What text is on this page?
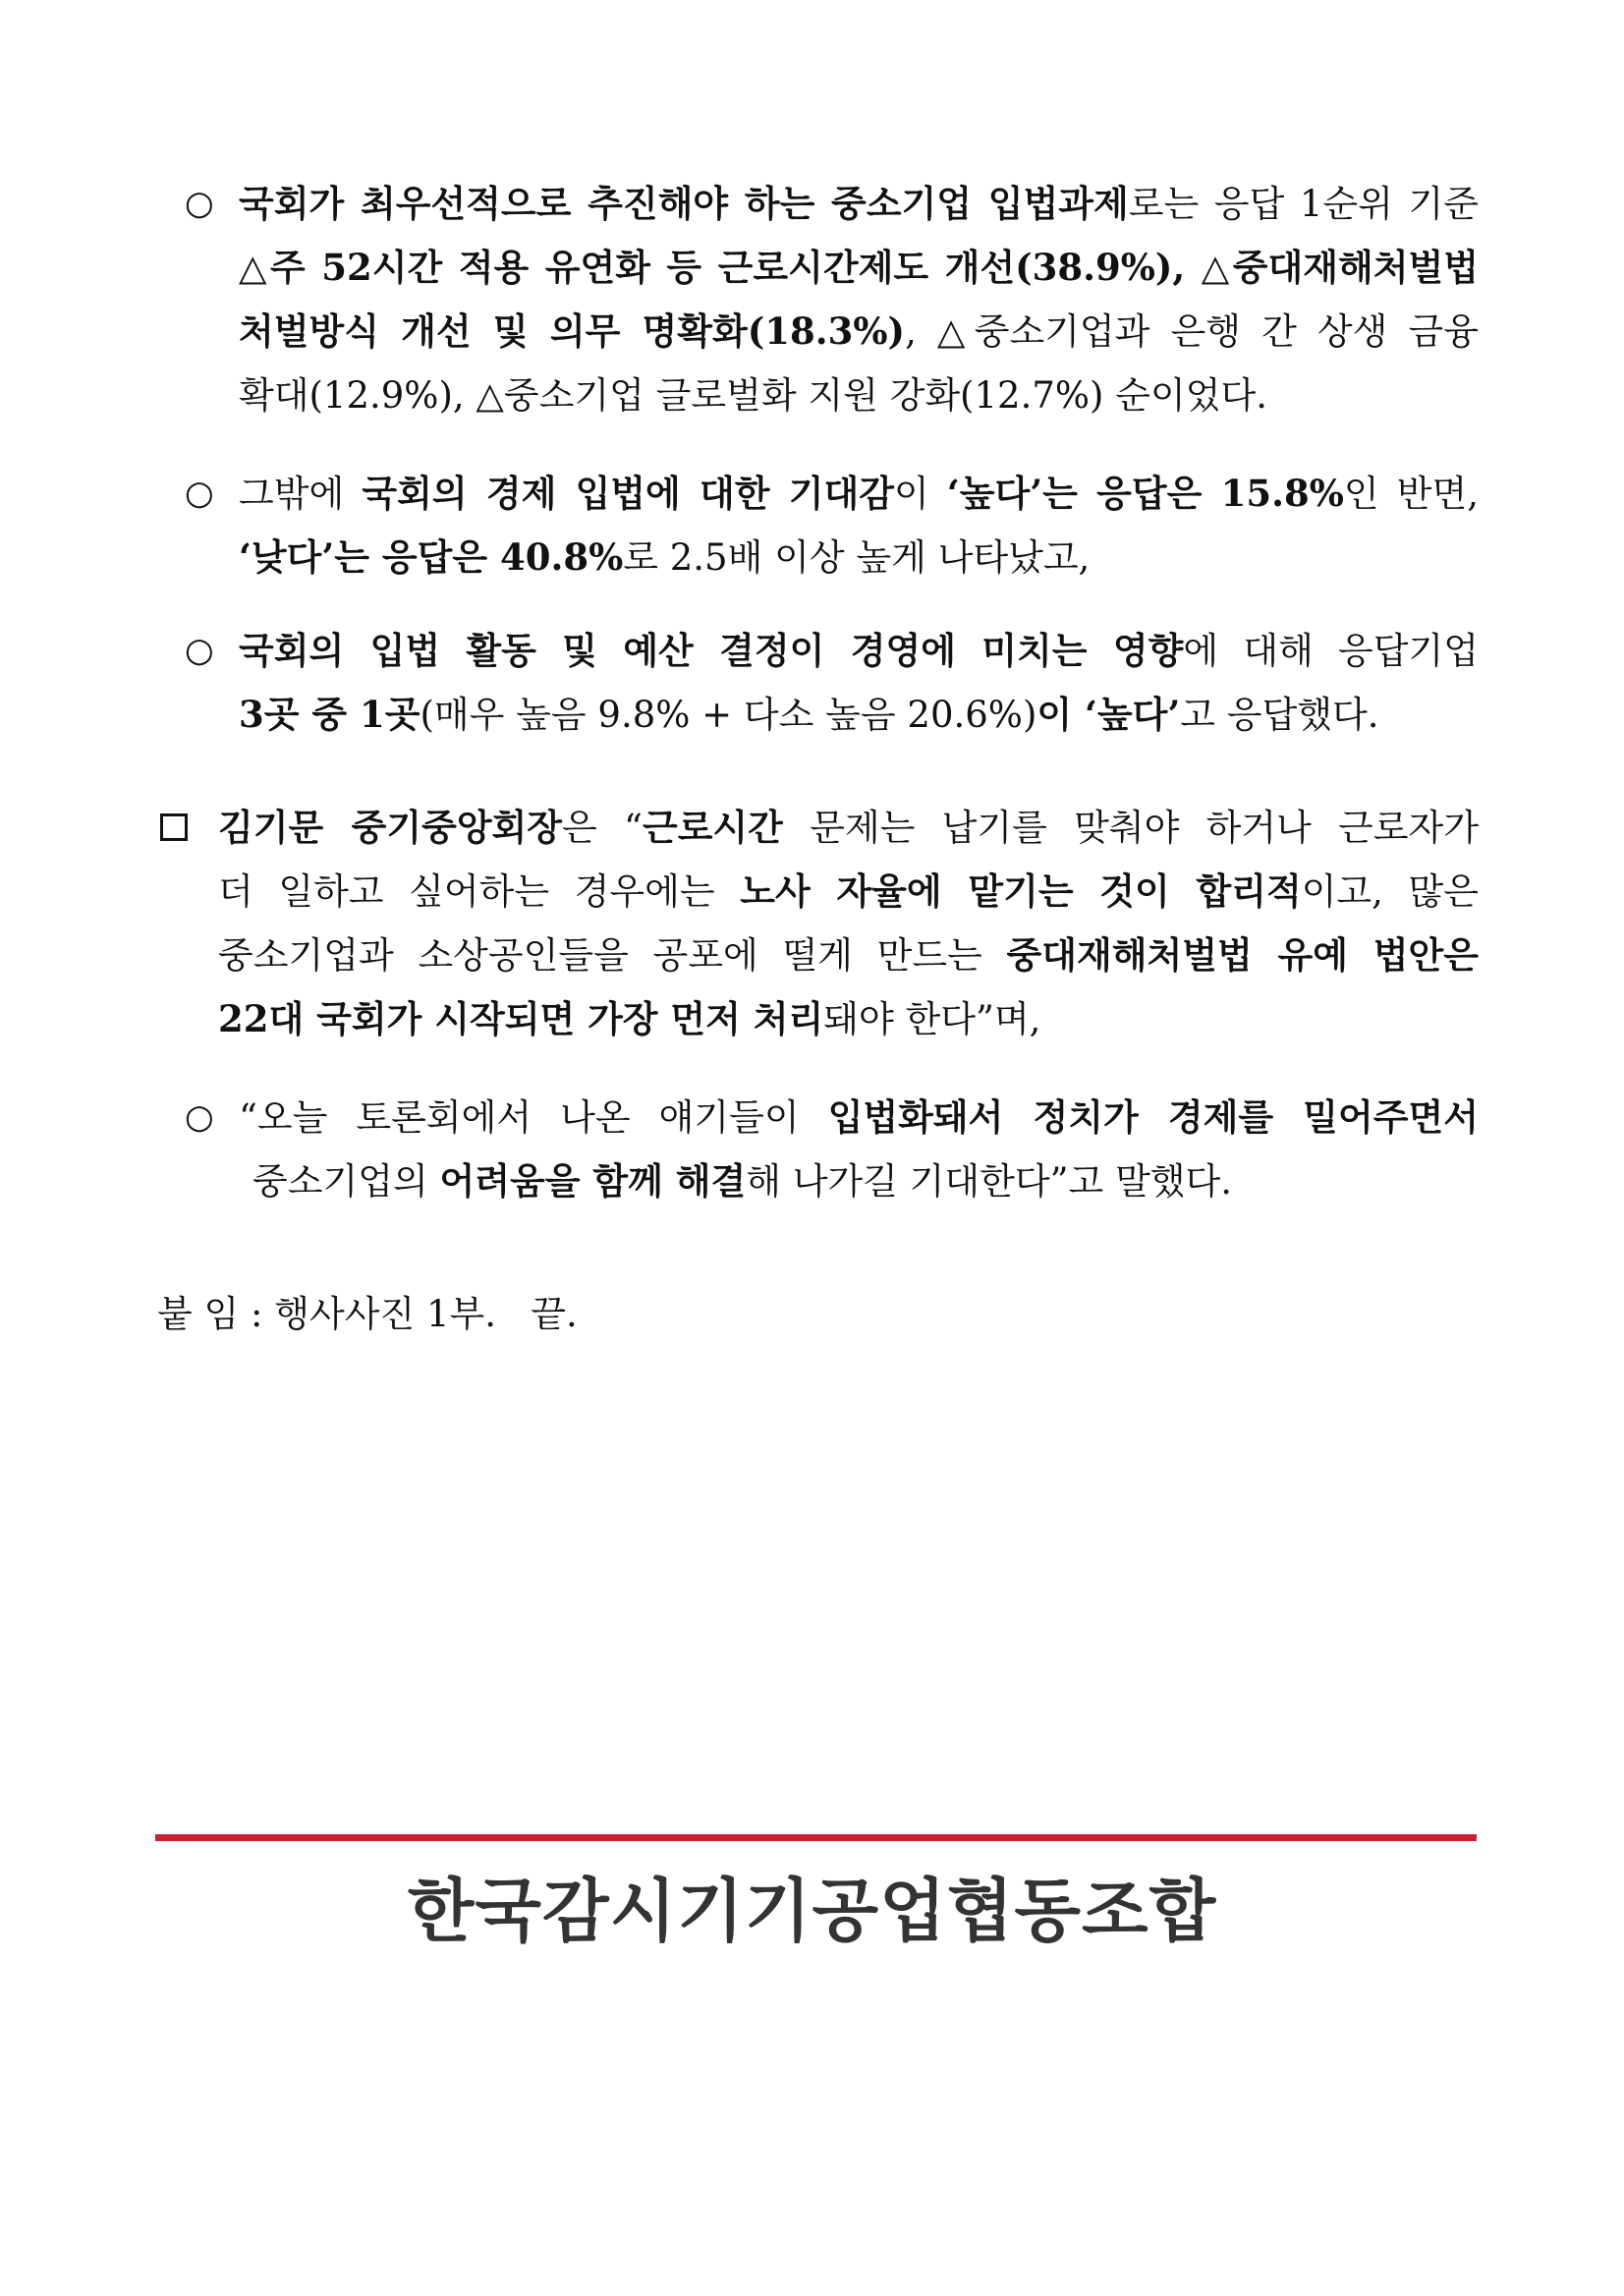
○ 국회가 최우선적으로 추진해야 하는 중소기업 입법과제로는 응답 1순위 기준
△주 52시간 적용 유연화 등 근로시간제도 개선(38.9%), △중대재해처벌법
처벌방식 개선 및 의무 명확화(18.3%), △중소기업과 은행 간 상생 금융
확대(12.9%), △중소기업 글로벌화 지원 강화(12.7%) 순이었다.
○ 그밖에 국회의 경제 입법에 대한 기대감이 ‘높다’는 응답은 15.8%인 반면,
‘낮다’는 응답은 40.8%로 2.5배 이상 높게 나타났고,
○ 국회의 입법 활동 및 예산 결정이 경영에 미치는 영향에 대해 응답기업
3곳 중 1곳(매우 높음 9.8% + 다소 높음 20.6%)이 ‘높다’고 응답했다.
김기문 중기중앙회장은 “근로시간 문제는 납기를 맞춰야 하거나 근로자가
더 일하고 싶어하는 경우에는 노사 자율에 맡기는 것이 합리적이고, 많은
중소기업과 소상공인들을 공포에 떨게 만드는 중대재해처벌법 유예 법안은
22대 국회가 시작되면 가장 먼저 처리돼야 한다”며,
○ “오늘 토론회에서 나온 얘기들이 입법화돼서 정치가 경제를 밀어주면서
중소기업의 어려움을 함께 해결해 나가길 기대한다”고 말했다.
붙 임 : 행사사진 1부.   끝.
한국감시기기공업협동조합
